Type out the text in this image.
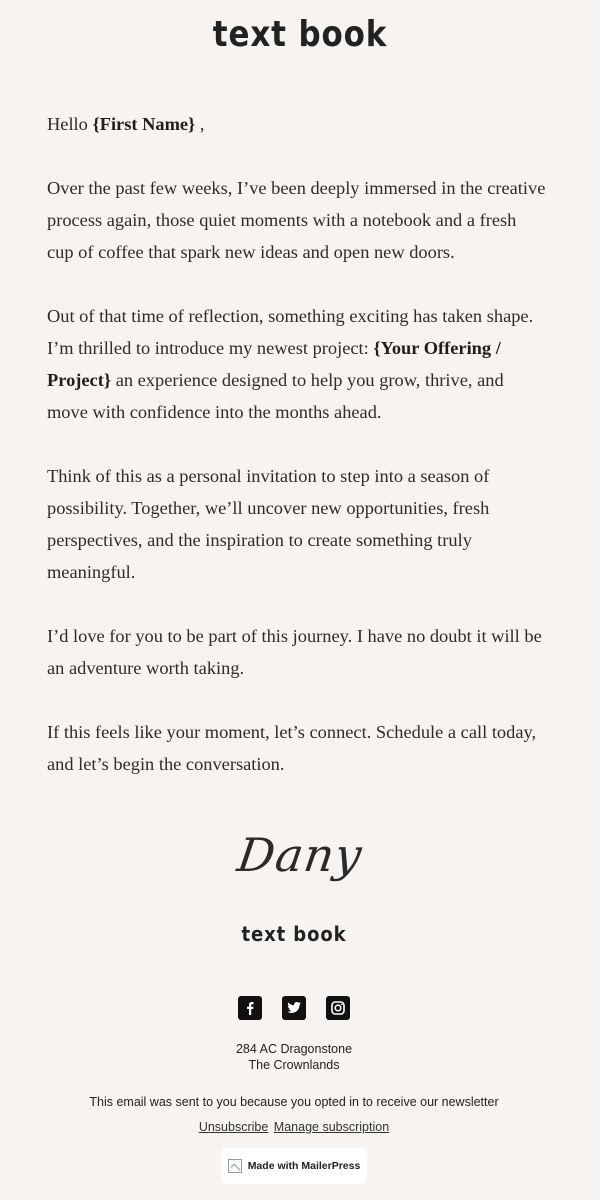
text book

Hello {First Name} ,

Over the past few weeks, I’ve been deeply immersed in the creative process again, those quiet moments with a notebook and a fresh cup of coffee that spark new ideas and open new doors.

Out of that time of reflection, something exciting has taken shape. I’m thrilled to introduce my newest project: {Your Offering / Project} an experience designed to help you grow, thrive, and move with confidence into the months ahead.

Think of this as a personal invitation to step into a season of possibility. Together, we’ll uncover new opportunities, fresh perspectives, and the inspiration to create something truly meaningful.

I’d love for you to be part of this journey. I have no doubt it will be an adventure worth taking.

If this feels like your moment, let’s connect. Schedule a call today, and let’s begin the conversation.

Dany
text book
284 AC Dragonstone
The Crownlands
This email was sent to you because you opted in to receive our newsletter
Unsubscribe Manage subscription
Made with MailerPress
